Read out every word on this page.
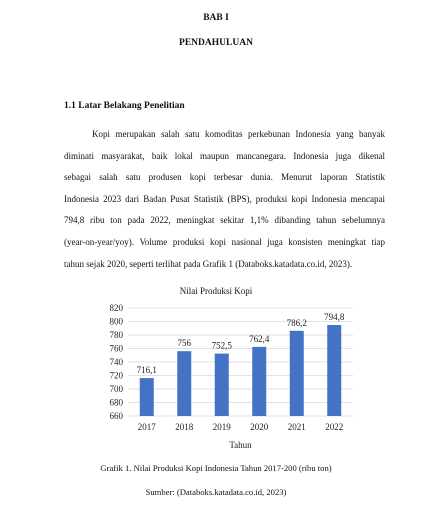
BAB I
PENDAHULUAN
1.1 Latar Belakang Penelitian
Kopi merupakan salah satu komoditas perkebunan Indonesia yang banyak
diminati masyarakat, baik lokal maupun mancanegara. Indonesia juga dikenal
sebagai salah satu produsen kopi terbesar dunia. Menurut laporan Statistik
Indonesia 2023 dari Badan Pusat Statistik (BPS), produksi kopi Indonesia mencapai
794,8 ribu ton pada 2022, meningkat sekitar 1,1% dibanding tahun sebelumnya
(year-on-year/yoy). Volume produksi kopi nasional juga konsisten meningkat tiap
tahun sejak 2020, seperti terlihat pada Grafik 1 (Databoks.katadata.co.id, 2023).
Nilai Produksi Kopi
660
680
700
720
740
760
780
800
820
716,1
2017
756
2018
752,5
2019
762,4
2020
786,2
2021
794,8
2022
Tahun
Grafik 1. Nilai Produksi Kopi Indonesia Tahun 2017-200 (ribu ton)
Sumber: (Databoks.katadata.co.id, 2023)
